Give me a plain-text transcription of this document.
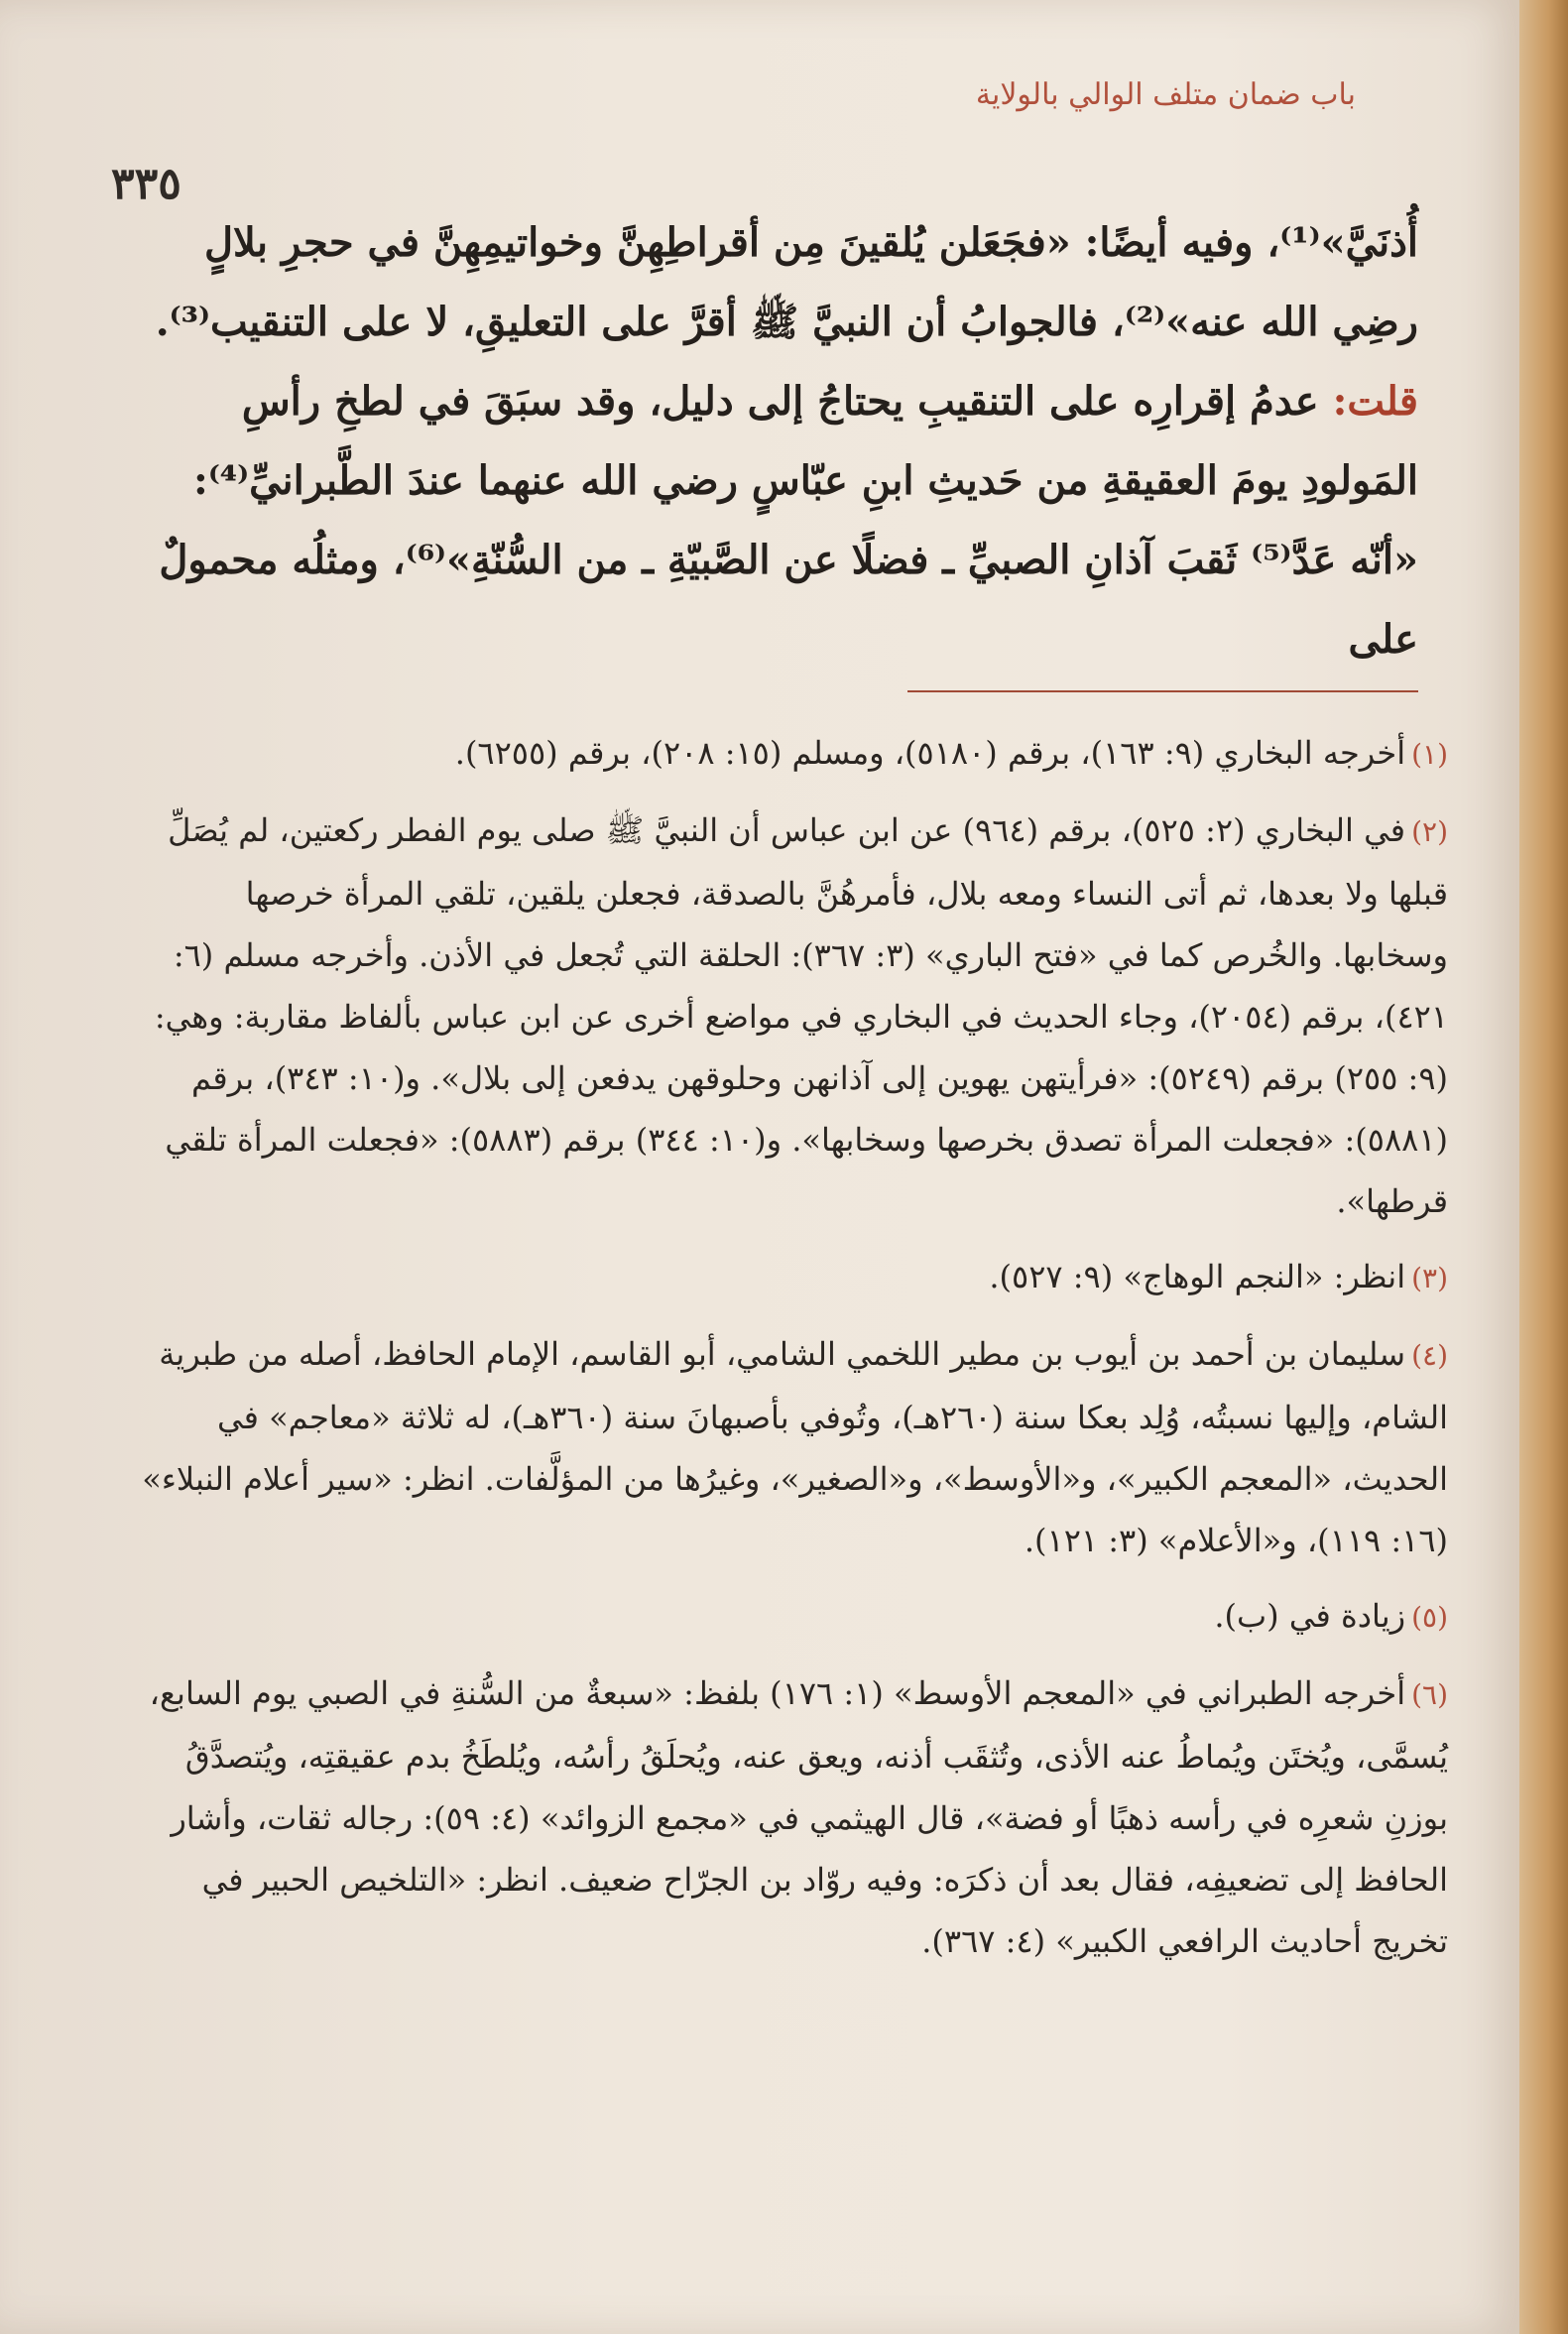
باب ضمان متلف الوالي بالولاية
٣٣٥

أُذنَيَّ»⁽¹⁾، وفيه أيضًا: «فجَعَلن يُلقينَ مِن أقراطِهِنَّ وخواتيمِهِنَّ في حجرِ بلالٍ رضِي الله عنه»⁽²⁾، فالجوابُ أن النبيَّ ﷺ أقرَّ على التعليقِ، لا على التنقيب⁽³⁾.

قلت: عدمُ إقرارِه على التنقيبِ يحتاجُ إلى دليل، وقد سبَقَ في لطخِ رأسِ المَولودِ يومَ العقيقةِ من حَديثِ ابنِ عبّاسٍ رضي الله عنهما عندَ الطَّبرانيِّ⁽⁴⁾: «أنّه عَدَّ⁽⁵⁾ ثَقبَ آذانِ الصبيِّ ـ فضلًا عن الصَّبيّةِ ـ من السُّنّةِ»⁽⁶⁾، ومثلُه محمولٌ على

(١)أخرجه البخاري (٩: ١٦٣)، برقم (٥١٨٠)، ومسلم (١٥: ٢٠٨)، برقم (٦٢٥٥).

(٢)في البخاري (٢: ٥٢٥)، برقم (٩٦٤) عن ابن عباس أن النبيَّ ﷺ صلى يوم الفطر ركعتين، لم يُصَلِّ قبلها ولا بعدها، ثم أتى النساء ومعه بلال، فأمرهُنَّ بالصدقة، فجعلن يلقين، تلقي المرأة خرصها وسخابها. والخُرص كما في «فتح الباري» (٣: ٣٦٧): الحلقة التي تُجعل في الأذن. وأخرجه مسلم (٦: ٤٢١)، برقم (٢٠٥٤)، وجاء الحديث في البخاري في مواضع أخرى عن ابن عباس بألفاظ مقاربة: وهي: (٩: ٢٥٥) برقم (٥٢٤٩): «فرأيتهن يهوين إلى آذانهن وحلوقهن يدفعن إلى بلال». و(١٠: ٣٤٣)، برقم (٥٨٨١): «فجعلت المرأة تصدق بخرصها وسخابها». و(١٠: ٣٤٤) برقم (٥٨٨٣): «فجعلت المرأة تلقي قرطها».

(٣)انظر: «النجم الوهاج» (٩: ٥٢٧).

(٤)سليمان بن أحمد بن أيوب بن مطير اللخمي الشامي، أبو القاسم، الإمام الحافظ، أصله من طبرية الشام، وإليها نسبتُه، وُلِد بعكا سنة (٢٦٠هـ)، وتُوفي بأصبهانَ سنة (٣٦٠هـ)، له ثلاثة «معاجم» في الحديث، «المعجم الكبير»، و«الأوسط»، و«الصغير»، وغيرُها من المؤلَّفات. انظر: «سير أعلام النبلاء» (١٦: ١١٩)، و«الأعلام» (٣: ١٢١).

(٥)زيادة في (ب).

(٦)أخرجه الطبراني في «المعجم الأوسط» (١: ١٧٦) بلفظ: «سبعةٌ من السُّنةِ في الصبي يوم السابع، يُسمَّى، ويُختَن ويُماطُ عنه الأذى، وتُثقَب أذنه، ويعق عنه، ويُحلَقُ رأسُه، ويُلطَخُ بدم عقيقتِه، ويُتصدَّقُ بوزنِ شعرِه في رأسه ذهبًا أو فضة»، قال الهيثمي في «مجمع الزوائد» (٤: ٥٩): رجاله ثقات، وأشار الحافظ إلى تضعيفِه، فقال بعد أن ذكرَه: وفيه روّاد بن الجرّاح ضعيف. انظر: «التلخيص الحبير في تخريج أحاديث الرافعي الكبير» (٤: ٣٦٧).
